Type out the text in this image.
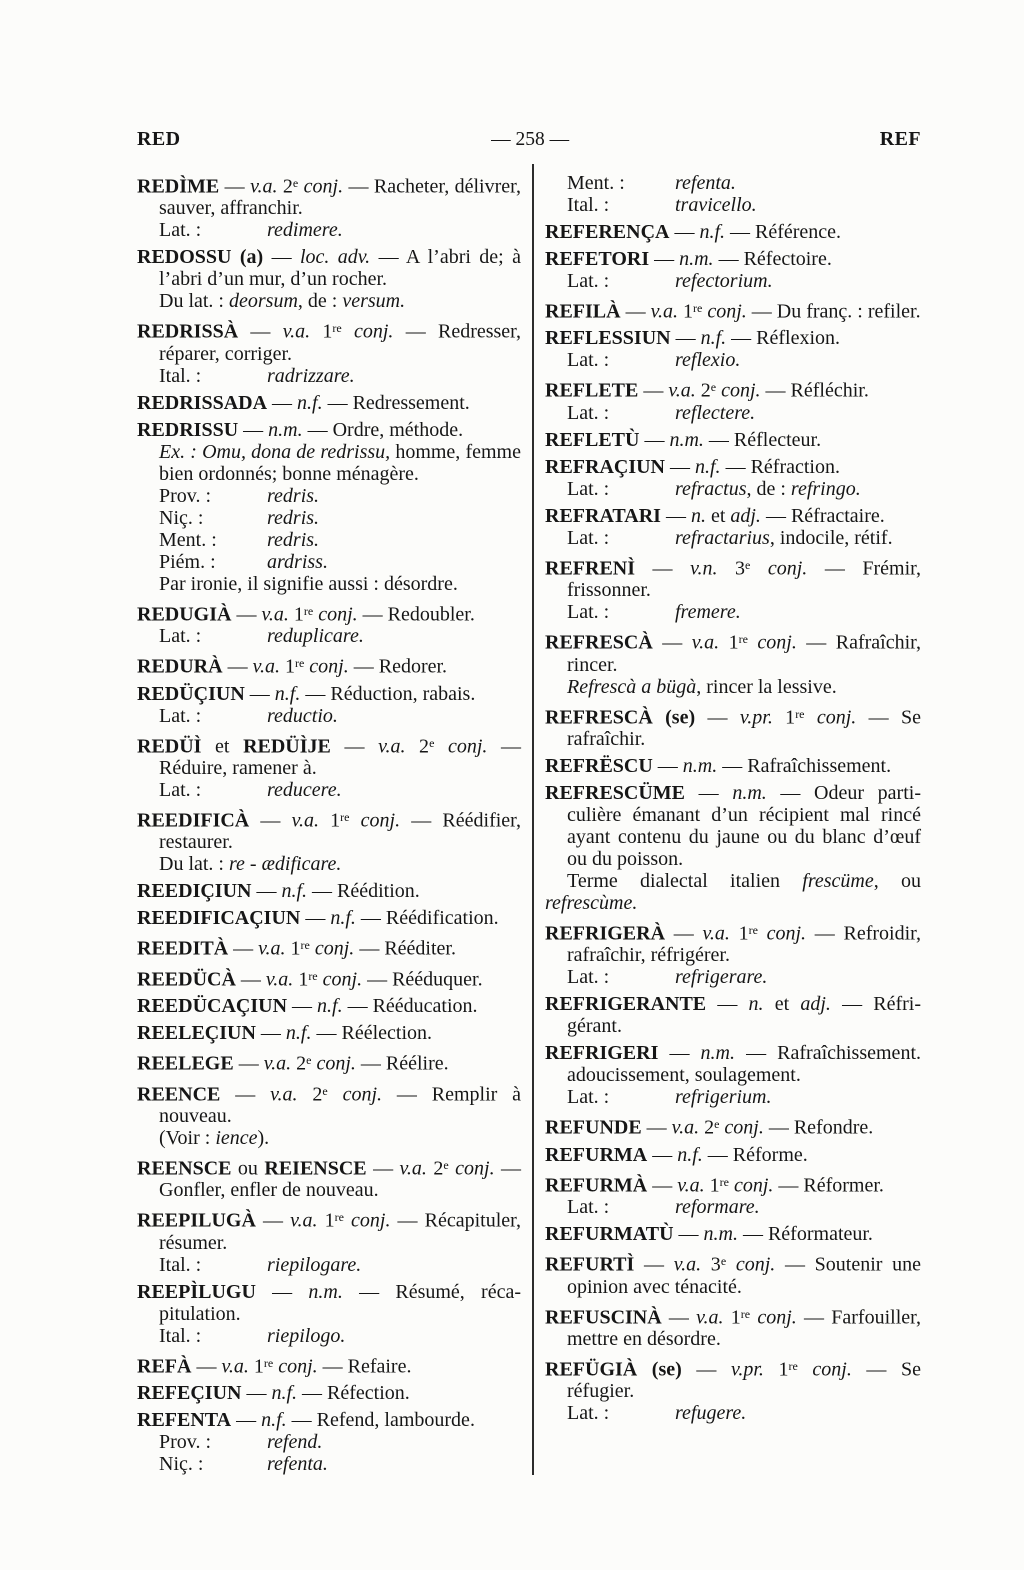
RED	— 258 —	REF

REDÌME — v.a. 2e conj. — Racheter, délivrer, sauver, affranchir.

Lat. :	redimere.

REDOSSU (a) — loc. adv. — A l’abri de; à l’abri d’un mur, d’un rocher.

Du lat. : deorsum, de : versum.

REDRISSÀ — v.a. 1re conj. — Redresser, réparer, corriger.

Ital. :	radrizzare.

REDRISSADA — n.f. — Redressement.

REDRISSU — n.m. — Ordre, méthode.

Ex. : Omu, dona de redrissu, homme, femme bien ordonnés; bonne ménagère.

Prov. :	redris.

Niç. :	redris.

Ment. :	redris.

Piém. :	ardriss.

Par ironie, il signifie aussi : désordre.

REDUGIÀ — v.a. 1re conj. — Redoubler.

Lat. :	reduplicare.

REDURÀ — v.a. 1re conj. — Redorer.

REDÜÇIUN — n.f. — Réduction, rabais.

Lat. :	reductio.

REDÜÌ et REDÜÌJE — v.a. 2e conj. — Réduire, ramener à.

Lat. :	reducere.

REEDIFICÀ — v.a. 1re conj. — Réédifier, restaurer.

Du lat. : re - ædificare.

REEDIÇIUN — n.f. — Réédition.

REEDIFICAÇIUN — n.f. — Réédification.

REEDITÀ — v.a. 1re conj. — Rééditer.

REEDÜCÀ — v.a. 1re conj. — Rééduquer.

REEDÜCAÇIUN — n.f. — Rééducation.

REELEÇIUN — n.f. — Réélection.

REELEGE — v.a. 2e conj. — Réélire.

REENCE — v.a. 2e conj. — Remplir à nouveau.

(Voir : ience).

REENSCE ou REIENSCE — v.a. 2e conj. — Gonfler, enfler de nouveau.

REEPILUGÀ — v.a. 1re conj. — Récapituler, résumer.

Ital. :	riepilogare.

REEPÌLUGU — n.m. — Résumé, récapitulation.

Ital. :	riepilogo.

REFÀ — v.a. 1re conj. — Refaire.

REFEÇIUN — n.f. — Réfection.

REFENTA — n.f. — Refend, lambourde.

Prov. :	refend.

Niç. :	refenta.

Ment. :	refenta.

Ital. :	travicello.

REFERENÇA — n.f. — Référence.

REFETORI — n.m. — Réfectoire.

Lat. :	refectorium.

REFILÀ — v.a. 1re conj. — Du franç. : refiler.

REFLESSIUN — n.f. — Réflexion.

Lat. :	reflexio.

REFLETE — v.a. 2e conj. — Réfléchir.

Lat. :	reflectere.

REFLETÙ — n.m. — Réflecteur.

REFRAÇIUN — n.f. — Réfraction.

Lat. :	refractus, de : refringo.

REFRATARI — n. et adj. — Réfractaire.

Lat. :	refractarius, indocile, rétif.

REFRENÌ — v.n. 3e conj. — Frémir, frissonner.

Lat. :	fremere.

REFRESCÀ — v.a. 1re conj. — Rafraîchir, rincer.

Refrescà a bügà, rincer la lessive.

REFRESCÀ (se) — v.pr. 1re conj. — Se rafraîchir.

REFRËSCU — n.m. — Rafraîchissement.

REFRESCÜME — n.m. — Odeur particulière émanant d’un récipient mal rincé ayant contenu du jaune ou du blanc d’œuf ou du poisson.

Terme dialectal italien frescüme, ou refrescùme.

REFRIGERÀ — v.a. 1re conj. — Refroidir, rafraîchir, réfrigérer.

Lat. :	refrigerare.

REFRIGERANTE — n. et adj. — Réfrigérant.

REFRIGERI — n.m. — Rafraîchissement. adoucissement, soulagement.

Lat. :	refrigerium.

REFUNDE — v.a. 2e conj. — Refondre.

REFURMA — n.f. — Réforme.

REFURMÀ — v.a. 1re conj. — Réformer.

Lat. :	reformare.

REFURMATÙ — n.m. — Réformateur.

REFURTÌ — v.a. 3e conj. — Soutenir une opinion avec ténacité.

REFUSCINÀ — v.a. 1re conj. — Farfouiller, mettre en désordre.

REFÜGIÀ (se) — v.pr. 1re conj. — Se réfugier.

Lat. :	refugere.
